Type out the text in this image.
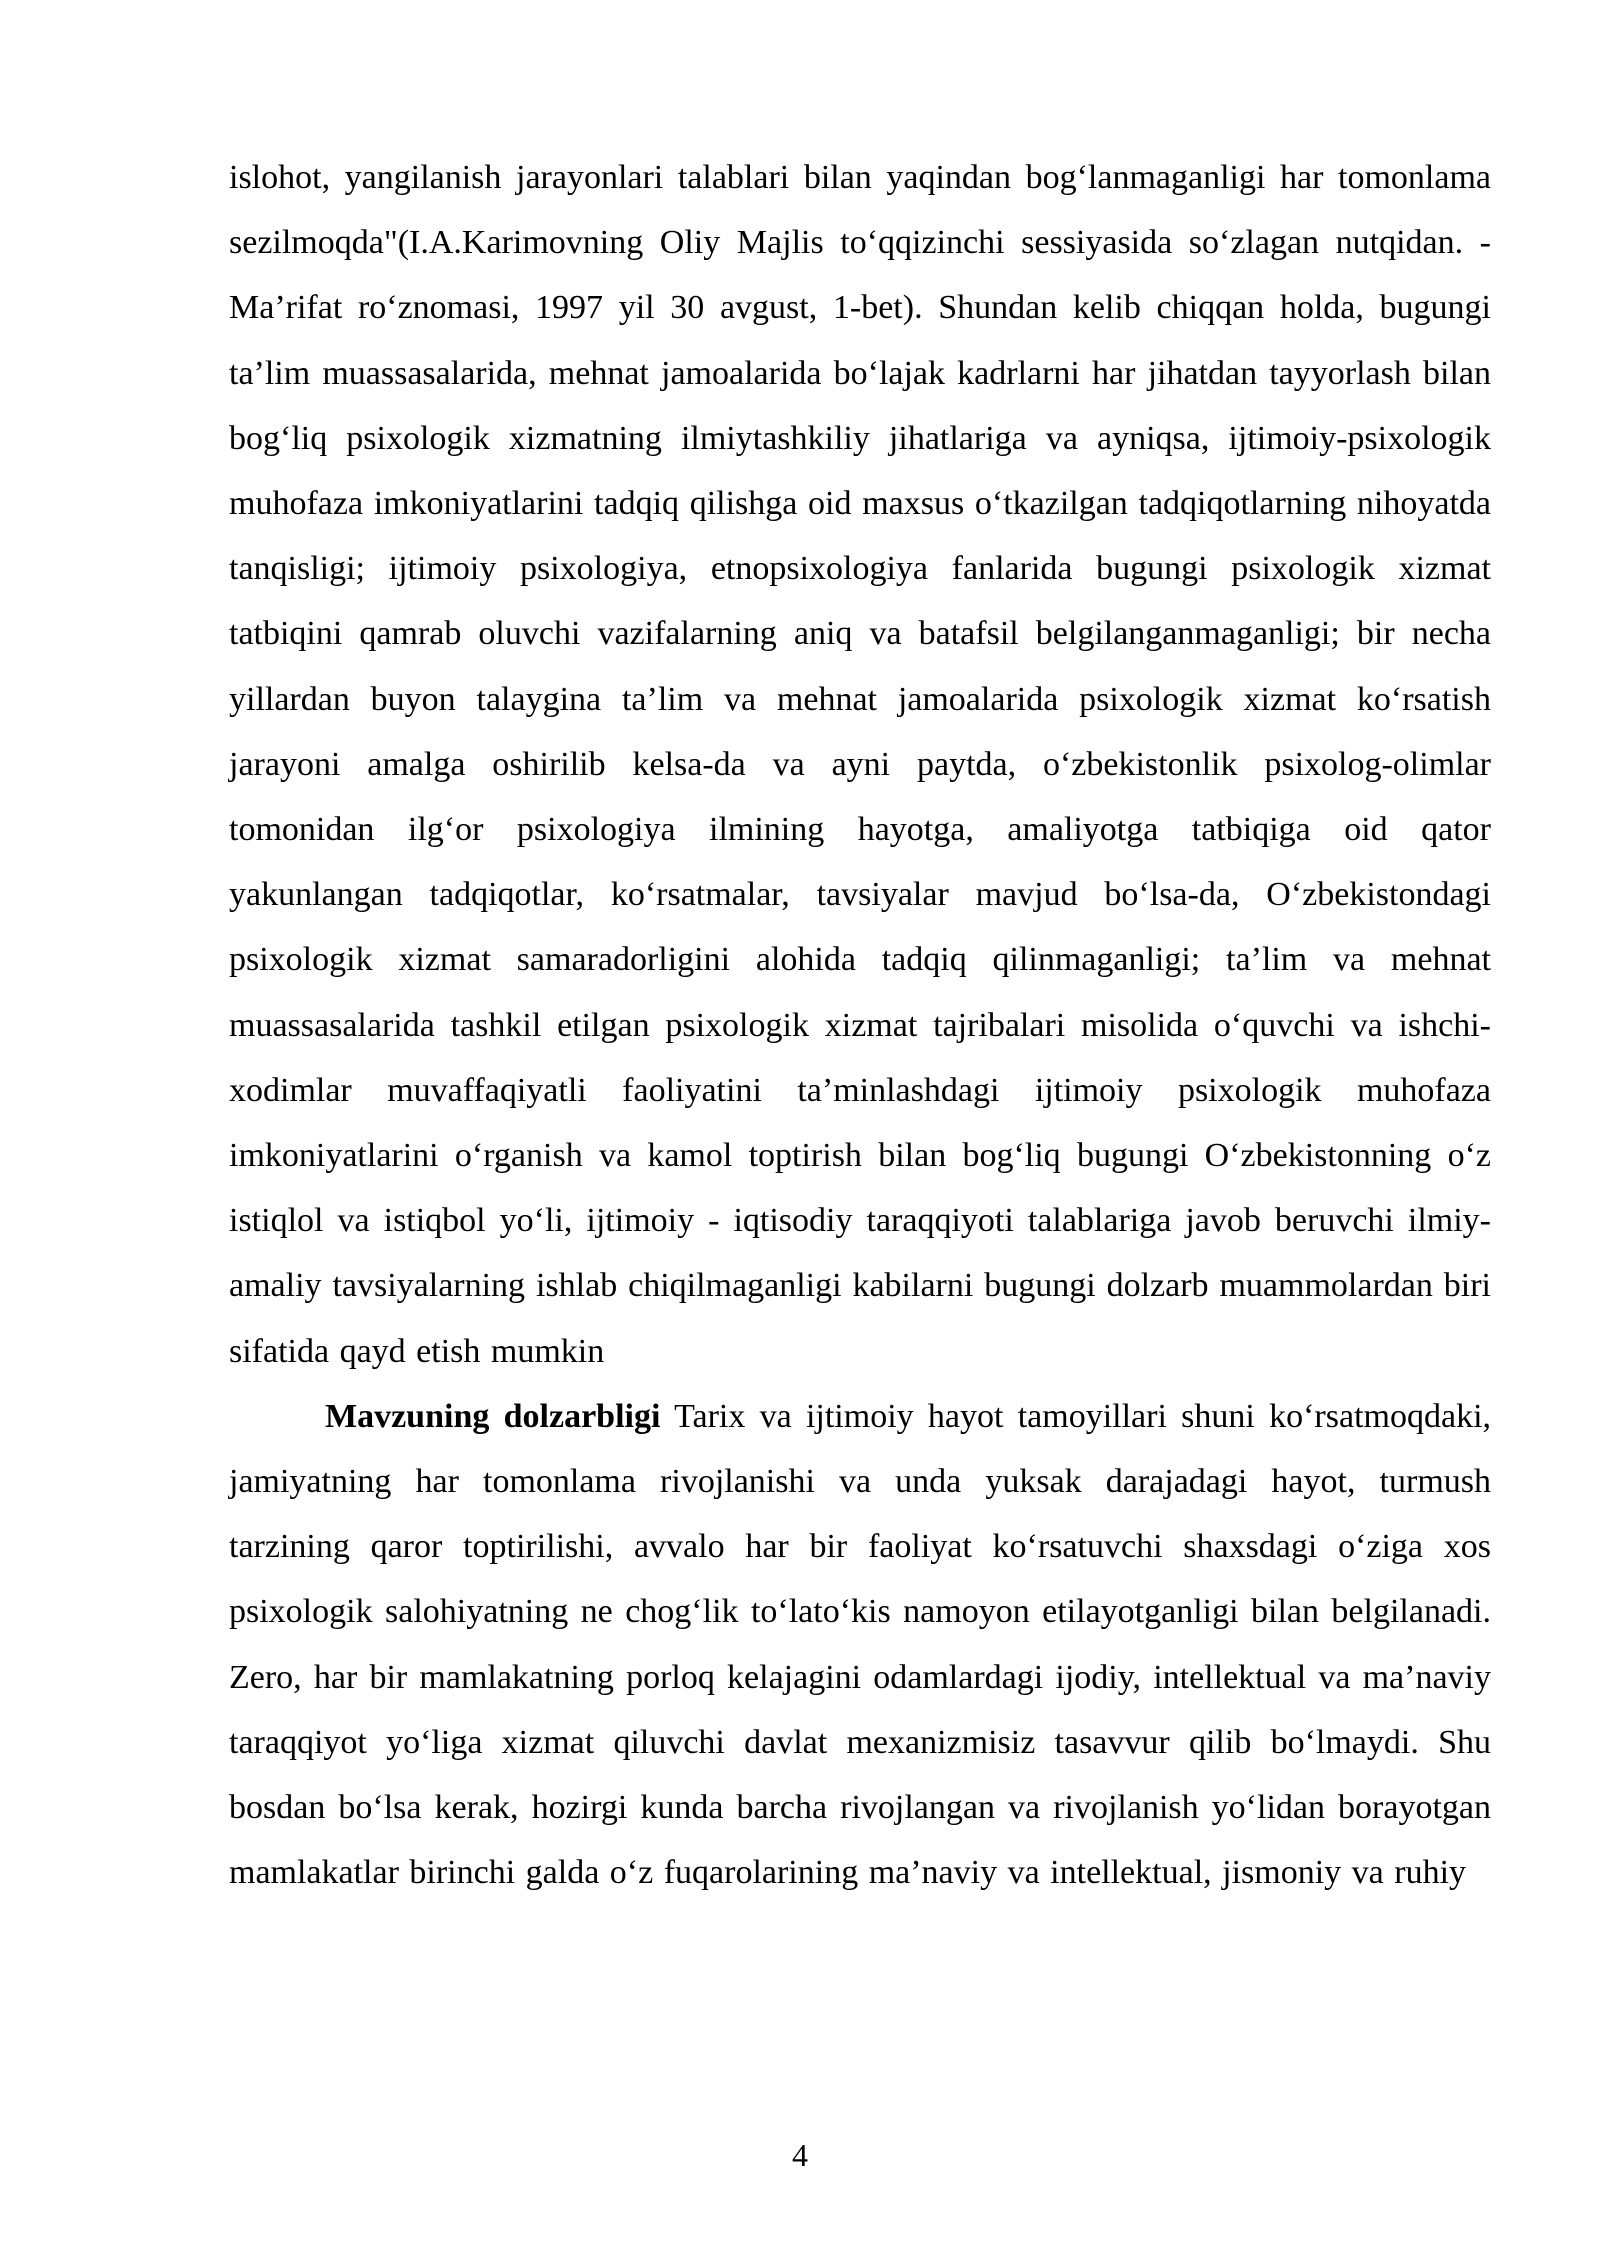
islohot, yangilanish jarayonlari talablari bilan yaqindan bog‘lanmaganligi har tomonlama sezilmoqda"(I.A.Karimovning Oliy Majlis to‘qqizinchi sessiyasida so‘zlagan nutqidan. -Ma’rifat ro‘znomasi, 1997 yil 30 avgust, 1-bet). Shundan kelib chiqqan holda, bugungi ta’lim muassasalarida, mehnat jamoalarida bo‘lajak kadrlarni har jihatdan tayyorlash bilan bog‘liq psixologik xizmatning ilmiytashkiliy jihatlariga va ayniqsa, ijtimoiy-psixologik muhofaza imkoniyatlarini tadqiq qilishga oid maxsus o‘tkazilgan tadqiqotlarning nihoyatda tanqisligi; ijtimoiy psixologiya, etnopsixologiya fanlarida bugungi psixologik xizmat tatbiqini qamrab oluvchi vazifalarning aniq va batafsil belgilanganmaganligi; bir necha yillardan buyon talaygina ta’lim va mehnat jamoalarida psixologik xizmat ko‘rsatish jarayoni amalga oshirilib kelsa-da va ayni paytda, o‘zbekistonlik psixolog-olimlar tomonidan ilg‘or psixologiya ilmining hayotga, amaliyotga tatbiqiga oid qator yakunlangan tadqiqotlar, ko‘rsatmalar, tavsiyalar mavjud bo‘lsa-da, O‘zbekistondagi psixologik xizmat samaradorligini alohida tadqiq qilinmaganligi; ta’lim va mehnat muassasalarida tashkil etilgan psixologik xizmat tajribalari misolida o‘quvchi va ishchi-xodimlar muvaffaqiyatli faoliyatini ta’minlashdagi ijtimoiy psixologik muhofaza imkoniyatlarini o‘rganish va kamol toptirish bilan bog‘liq bugungi O‘zbekistonning o‘z istiqlol va istiqbol yo‘li, ijtimoiy - iqtisodiy taraqqiyoti talablariga javob beruvchi ilmiy-amaliy tavsiyalarning ishlab chiqilmaganligi kabilarni bugungi dolzarb muammolardan biri sifatida qayd etish mumkin

Mavzuning dolzarbligi Tarix va ijtimoiy hayot tamoyillari shuni ko‘rsatmoqdaki, jamiyatning har tomonlama rivojlanishi va unda yuksak darajadagi hayot, turmush tarzining qaror toptirilishi, avvalo har bir faoliyat ko‘rsatuvchi shaxsdagi o‘ziga xos psixologik salohiyatning ne chog‘lik to‘lato‘kis namoyon etilayotganligi bilan belgilanadi. Zero, har bir mamlakatning porloq kelajagini odamlardagi ijodiy, intellektual va ma’naviy taraqqiyot yo‘liga xizmat qiluvchi davlat mexanizmisiz tasavvur qilib bo‘lmaydi. Shu bosdan bo‘lsa kerak, hozirgi kunda barcha rivojlangan va rivojlanish yo‘lidan borayotgan mamlakatlar birinchi galda o‘z fuqarolarining ma’naviy va intellektual, jismoniy va ruhiy

4
